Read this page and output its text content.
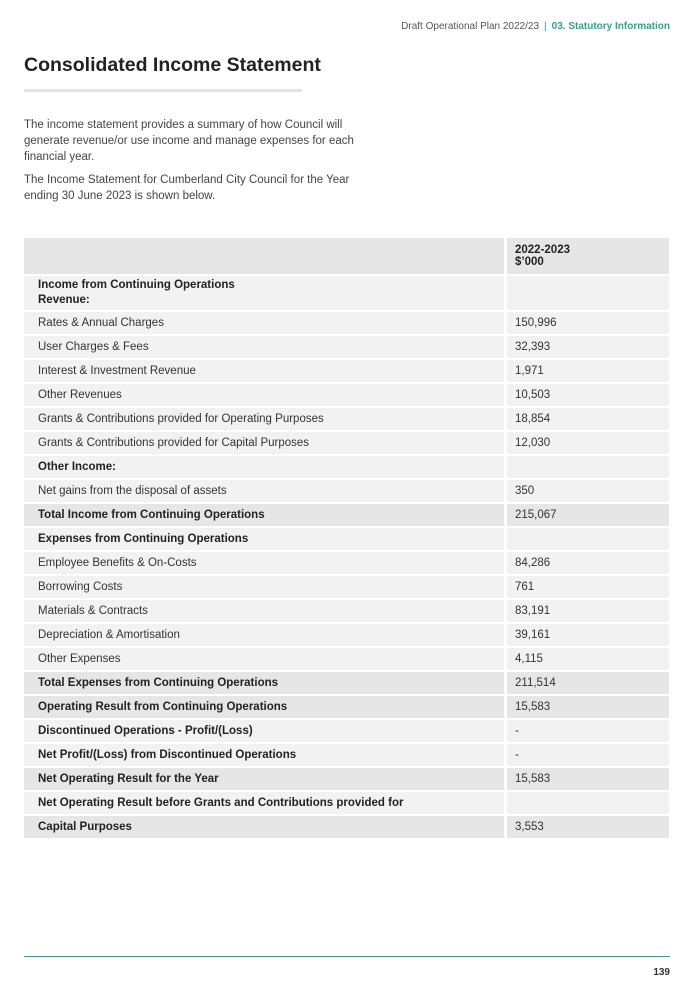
Draft Operational Plan 2022/23 | 03. Statutory Information
Consolidated Income Statement

The income statement provides a summary of how Council will generate revenue/or use income and manage expenses for each financial year.

The Income Statement for Cumberland City Council for the Year ending 30 June 2023 is shown below.

	2022-2023
$’000
Income from Continuing Operations
Revenue:	
Rates & Annual Charges	150,996
User Charges & Fees	32,393
Interest & Investment Revenue	1,971
Other Revenues	10,503
Grants & Contributions provided for Operating Purposes	18,854
Grants & Contributions provided for Capital Purposes	12,030
Other Income:	
Net gains from the disposal of assets	350
Total Income from Continuing Operations	215,067
Expenses from Continuing Operations	
Employee Benefits & On-Costs	84,286
Borrowing Costs	761
Materials & Contracts	83,191
Depreciation & Amortisation	39,161
Other Expenses	4,115
Total Expenses from Continuing Operations	211,514
Operating Result from Continuing Operations	15,583
Discontinued Operations - Profit/(Loss)	-
Net Profit/(Loss) from Discontinued Operations	-
Net Operating Result for the Year	15,583
Net Operating Result before Grants and Contributions provided for	
Capital Purposes	3,553
139
